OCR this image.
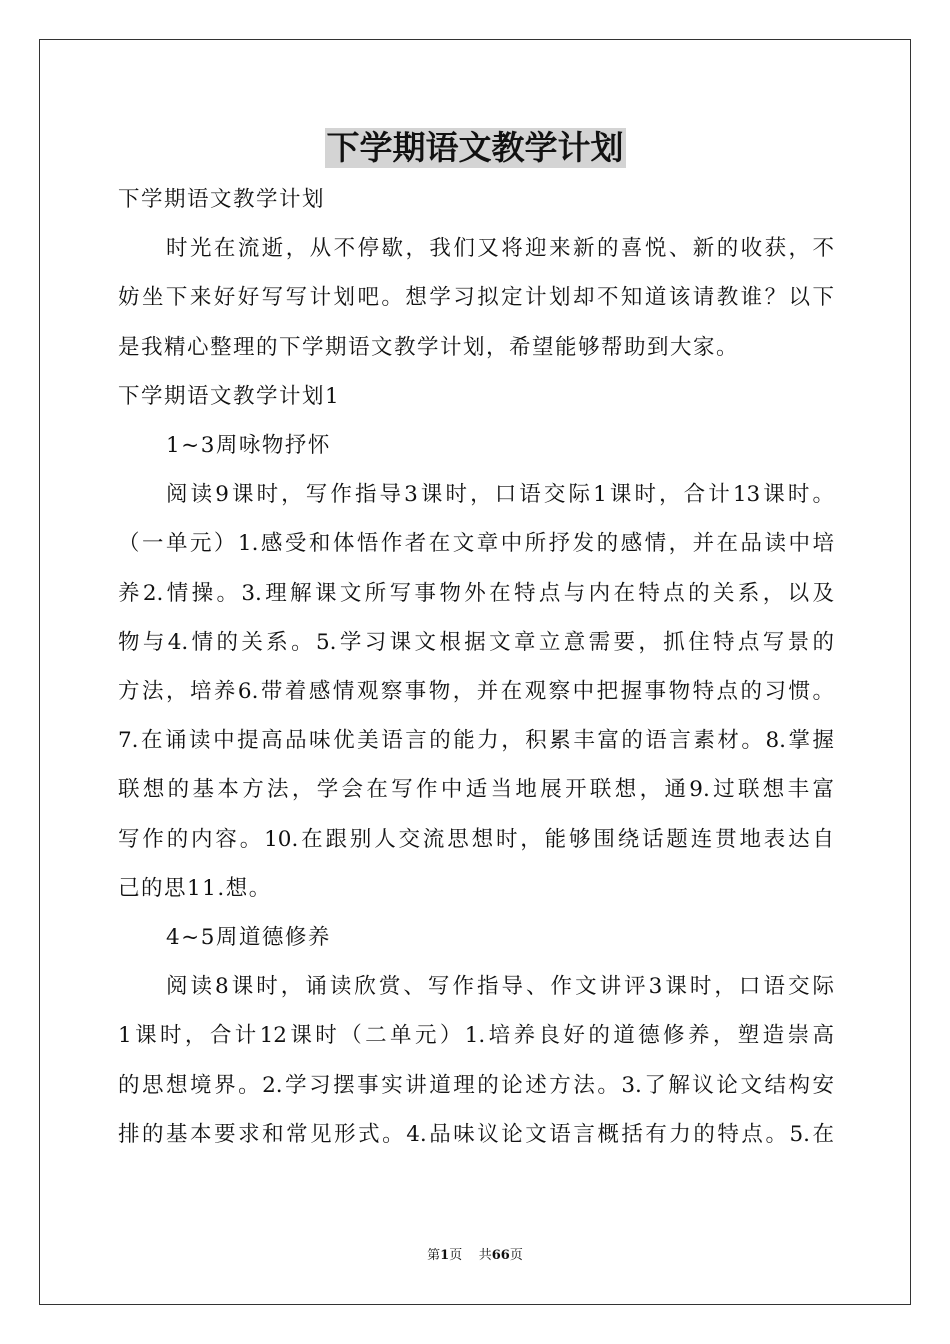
下学期语文教学计划
下学期语文教学计划
时光在流逝，从不停歇，我们又将迎来新的喜悦、新的收获，不
妨坐下来好好写写计划吧。想学习拟定计划却不知道该请教谁？以下
是我精心整理的下学期语文教学计划，希望能够帮助到大家。
下学期语文教学计划1
1~3周咏物抒怀
阅读9课时，写作指导3课时，口语交际1课时，合计13课时。
（一单元）1.感受和体悟作者在文章中所抒发的感情，并在品读中培
养2.情操。3.理解课文所写事物外在特点与内在特点的关系，以及
物与4.情的关系。5.学习课文根据文章立意需要，抓住特点写景的
方法，培养6.带着感情观察事物，并在观察中把握事物特点的习惯。
7.在诵读中提高品味优美语言的能力，积累丰富的语言素材。8.掌握
联想的基本方法，学会在写作中适当地展开联想，通9.过联想丰富
写作的内容。10.在跟别人交流思想时，能够围绕话题连贯地表达自
己的思11.想。
4~5周道德修养
阅读8课时，诵读欣赏、写作指导、作文讲评3课时，口语交际
1课时，合计12课时（二单元）1.培养良好的道德修养，塑造崇高
的思想境界。2.学习摆事实讲道理的论述方法。3.了解议论文结构安
排的基本要求和常见形式。4.品味议论文语言概括有力的特点。5.在
第1页 共66页
